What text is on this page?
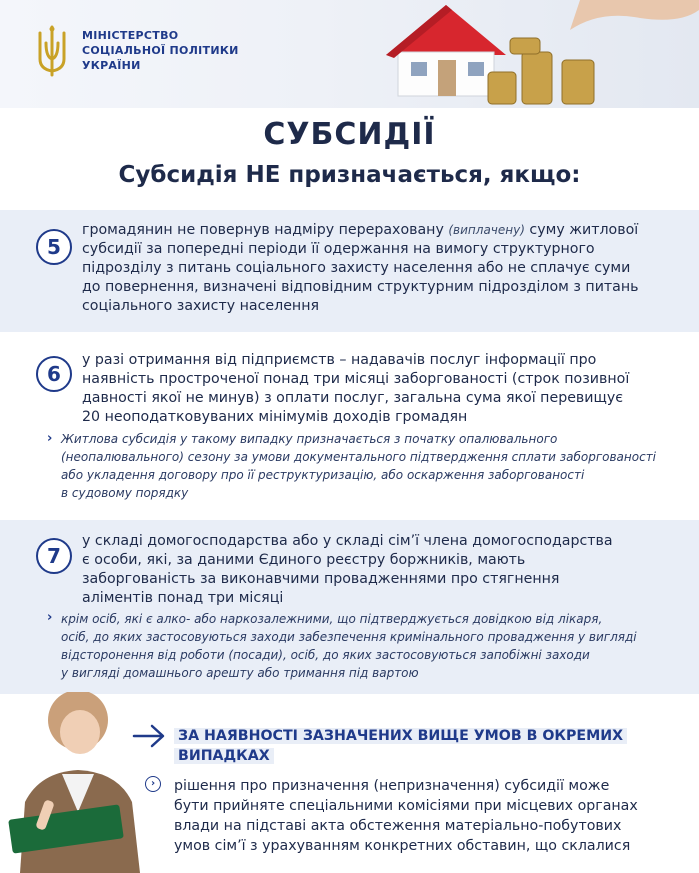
МІНІСТЕРСТВО
СОЦІАЛЬНОЇ ПОЛІТИКИ
УКРАЇНИ
СУБСИДІЇ
Субсидія НЕ призначається, якщо:
5
громадянин не повернув надміру перераховану (виплачену) суму житлової
субсидії за попередні періоди її одержання на вимогу структурного
підрозділу з питань соціального захисту населення або не сплачує суми
до повернення, визначені відповідним структурним підрозділом з питань
соціального захисту населення
6
у разі отримання від підприємств – надавачів послуг інформації про
наявність простроченої понад три місяці заборгованості (строк позивної
давності якої не минув) з оплати послуг, загальна сума якої перевищує
20 неоподатковуваних мінімумів доходів громадян
› Житлова субсидія у такому випадку призначається з початку опалювального
(неопалювального) сезону за умови документального підтвердження сплати заборгованості
або укладення договору про її реструктуризацію, або оскарження заборгованості
в судовому порядку
7
у складі домогосподарства або у складі сім’ї члена домогосподарства
є особи, які, за даними Єдиного реєстру боржників, мають
заборгованість за виконавчими провадженнями про стягнення
аліментів понад три місяці
› крім осіб, які є алко- або наркозалежними, що підтверджується довідкою від лікаря,
осіб, до яких застосовуються заходи забезпечення кримінального провадження у вигляді
відсторонення від роботи (посади), осіб, до яких застосовуються запобіжні заходи
у вигляді домашнього арешту або тримання під вартою
ЗА НАЯВНОСТІ ЗАЗНАЧЕНИХ ВИЩЕ УМОВ В ОКРЕМИХ
ВИПАДКАХ
›	рішення про призначення (непризначення) субсидії може
бути прийняте спеціальними комісіями при місцевих органах
влади на підставі акта обстеження матеріально-побутових
умов сім’ї з урахуванням конкретних обставин, що склалися
